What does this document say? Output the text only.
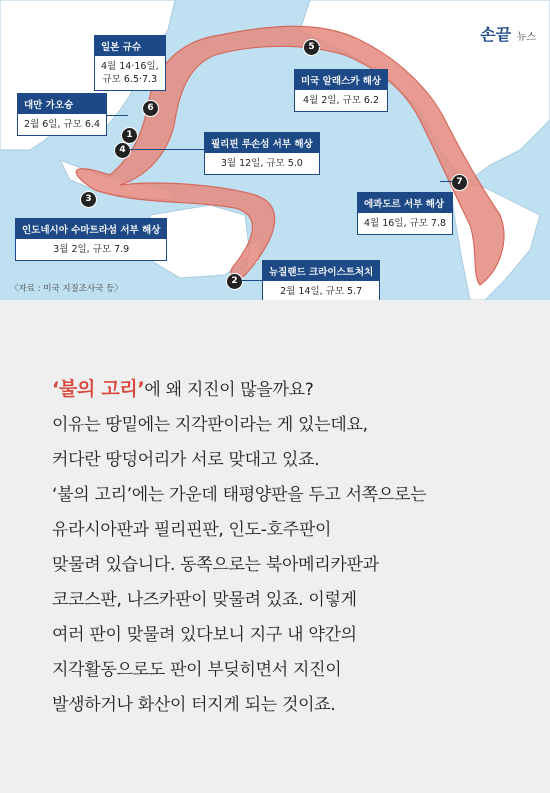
1
2
3
4
5
6
7
일본 규슈
4월 14·16일,
규모 6.5·7.3
대만 가오슝
2월 6일, 규모 6.4
필리핀 루손섬 서부 해상
3월 12일, 규모 5.0
미국 알래스카 해상
4월 2일, 규모 6.2
에콰도르 서부 해상
4월 16일, 규모 7.8
인도네시아 수마트라섬 서부 해상
3월 2일, 규모 7.9
뉴질랜드 크라이스트처치
2월 14일, 규모 5.7
〈자료 : 미국 지질조사국 등〉
손끝 뉴스
‘불의 고리’에 왜 지진이 많을까요?
이유는 땅밑에는 지각판이라는 게 있는데요,
커다란 땅덩어리가 서로 맞대고 있죠.
‘불의 고리’에는 가운데 태평양판을 두고 서쪽으로는
유라시아판과 필리핀판, 인도-호주판이
맞물려 있습니다. 동쪽으로는 북아메리카판과
코코스판, 나즈카판이 맞물려 있죠. 이렇게
여러 판이 맞물려 있다보니 지구 내 약간의
지각활동으로도 판이 부딪히면서 지진이
발생하거나 화산이 터지게 되는 것이죠.
